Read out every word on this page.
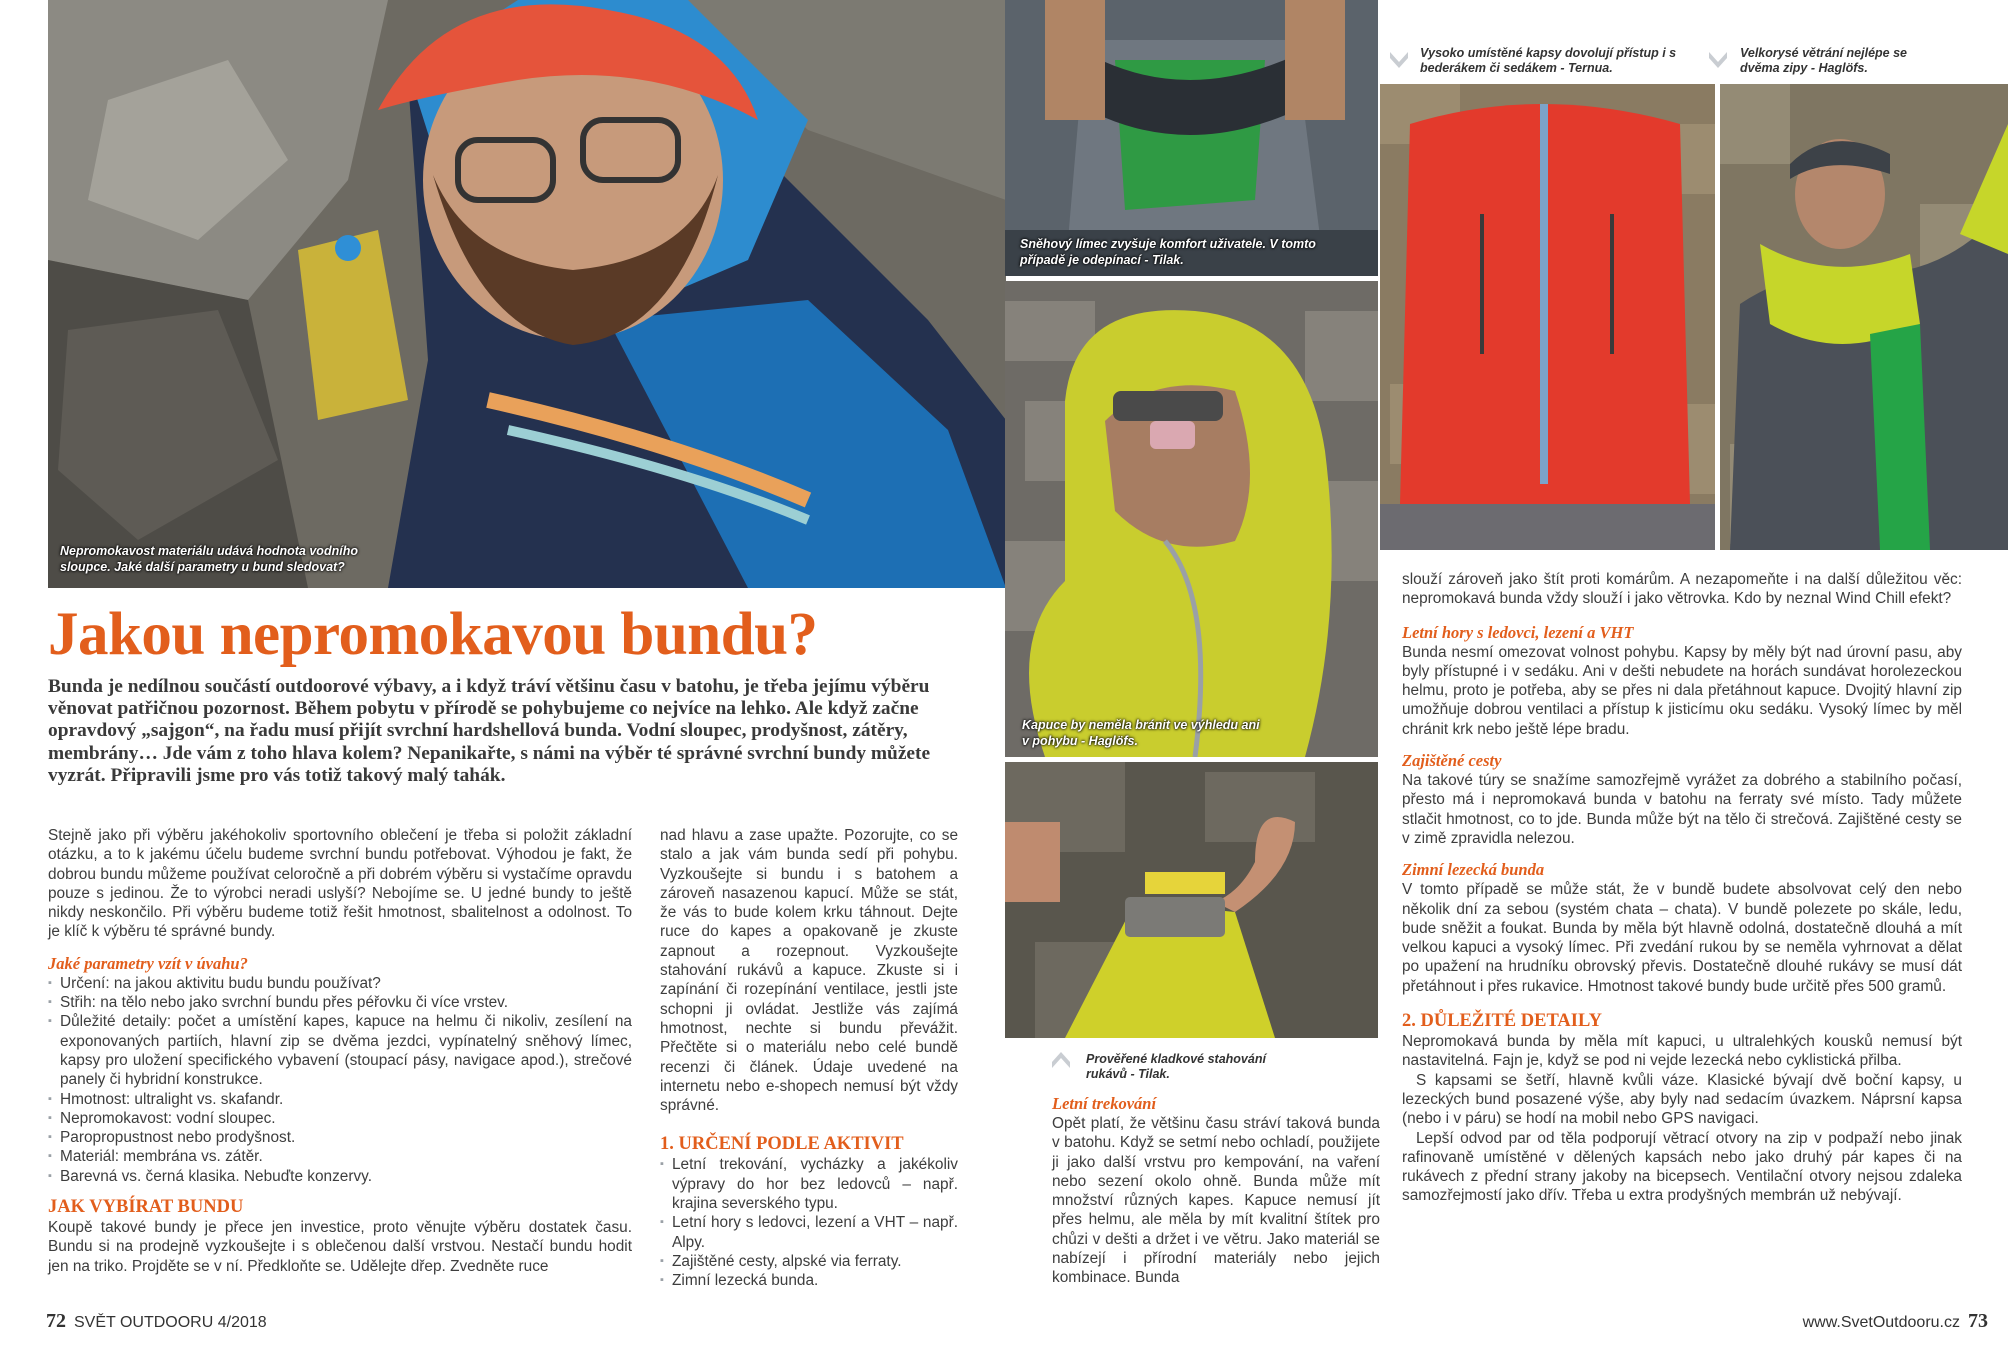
Nepromokavost materiálu udává hodnota vodního sloupce. Jaké další parametry u bund sledovat?
Sněhový límec zvyšuje komfort uživatele. V tomto případě je odepínací - Tilak.
Kapuce by neměla bránit ve výhledu ani v pohybu - Haglöfs.
Prověřené kladkové stahování rukávů - Tilak.
Vysoko umístěné kapsy dovolují přístup i s bederákem či sedákem - Ternua.
Velkorysé větrání nejlépe se dvěma zipy - Haglöfs.
Jakou nepromokavou bundu?
Bunda je nedílnou součástí outdoorové výbavy, a i když tráví většinu času v batohu, je třeba jejímu výběru věnovat patřičnou pozornost. Během pobytu v přírodě se pohybujeme co nejvíce na lehko. Ale když začne opravdový „sajgon“, na řadu musí přijít svrchní hardshellová bunda. Vodní sloupec, prodyšnost, zátěry, membrány… Jde vám z toho hlava kolem? Nepanikařte, s námi na výběr té správné svrchní bundy můžete vyzrát. Připravili jsme pro vás totiž takový malý tahák.

Stejně jako při výběru jakéhokoliv sportovního oblečení je třeba si položit základní otázku, a to k jakému účelu budeme svrchní bundu potřebovat. Výhodou je fakt, že dobrou bundu můžeme používat celoročně a při dobrém výběru si vystačíme opravdu pouze s jedinou. Že to výrobci neradi uslyší? Nebojíme se. U jedné bundy to ještě nikdy neskončilo. Při výběru budeme totiž řešit hmotnost, sbalitelnost a odolnost. To je klíč k výběru té správné bundy.

Jaké parametry vzít v úvahu?

▪ Určení: na jakou aktivitu budu bundu používat?
▪ Střih: na tělo nebo jako svrchní bundu přes péřovku či více vrstev.
▪ Důležité detaily: počet a umístění kapes, kapuce na helmu či nikoliv, zesílení na exponovaných partiích, hlavní zip se dvěma jezdci, vypínatelný sněhový límec, kapsy pro uložení specifického vybavení (stoupací pásy, navigace apod.), strečové panely či hybridní konstrukce.
▪ Hmotnost: ultralight vs. skafandr.
▪ Nepromokavost: vodní sloupec.
▪ Paropropustnost nebo prodyšnost.
▪ Materiál: membrána vs. zátěr.
▪ Barevná vs. černá klasika. Nebuďte konzervy.

JAK VYBÍRAT BUNDU

Koupě takové bundy je přece jen investice, proto věnujte výběru dostatek času. Bundu si na prodejně vyzkoušejte i s oblečenou další vrstvou. Nestačí bundu hodit jen na triko. Projděte se v ní. Předkloňte se. Udělejte dřep. Zvedněte ruce

nad hlavu a zase upažte. Pozorujte, co se stalo a jak vám bunda sedí při pohybu. Vyzkoušejte si bundu i s batohem a zároveň nasazenou kapucí. Může se stát, že vás to bude kolem krku táhnout. Dejte ruce do kapes a opakovaně je zkuste zapnout a rozepnout. Vyzkoušejte stahování rukávů a kapuce. Zkuste si i zapínání či rozepínání ventilace, jestli jste schopni ji ovládat. Jestliže vás zajímá hmotnost, nechte si bundu převážit. Přečtěte si o materiálu nebo celé bundě recenzi či článek. Údaje uvedené na internetu nebo e-shopech nemusí být vždy správné.

1. URČENÍ PODLE AKTIVIT

▪ Letní trekování, vycházky a jakékoliv výpravy do hor bez ledovců – např. krajina severského typu.
▪ Letní hory s ledovci, lezení a VHT – např. Alpy.
▪ Zajištěné cesty, alpské via ferraty.
▪ Zimní lezecká bunda.

Letní trekování

Opět platí, že většinu času stráví taková bunda v batohu. Když se setmí nebo ochladí, použijete ji jako další vrstvu pro kempování, na vaření nebo sezení okolo ohně. Bunda může mít množství různých kapes. Kapuce nemusí jít přes helmu, ale měla by mít kvalitní štítek pro chůzi v dešti a držet i ve větru. Jako materiál se nabízejí i přírodní materiály nebo jejich kombinace. Bunda

slouží zároveň jako štít proti komárům. A nezapomeňte i na další důležitou věc: nepromokavá bunda vždy slouží i jako větrovka. Kdo by neznal Wind Chill efekt?

Letní hory s ledovci, lezení a VHT

Bunda nesmí omezovat volnost pohybu. Kapsy by měly být nad úrovní pasu, aby byly přístupné i v sedáku. Ani v dešti nebudete na horách sundávat horolezeckou helmu, proto je potřeba, aby se přes ni dala přetáhnout kapuce. Dvojitý hlavní zip umožňuje dobrou ventilaci a přístup k jisticímu oku sedáku. Vysoký límec by měl chránit krk nebo ještě lépe bradu.

Zajištěné cesty

Na takové túry se snažíme samozřejmě vyrážet za dobrého a stabilního počasí, přesto má i nepromokavá bunda v batohu na ferraty své místo. Tady můžete stlačit hmotnost, co to jde. Bunda může být na tělo či strečová. Zajištěné cesty se v zimě zpravidla nelezou.

Zimní lezecká bunda

V tomto případě se může stát, že v bundě budete absolvovat celý den nebo několik dní za sebou (systém chata – chata). V bundě polezete po skále, ledu, bude sněžit a foukat. Bunda by měla být hlavně odolná, dostatečně dlouhá a mít velkou kapuci a vysoký límec. Při zvedání rukou by se neměla vyhrnovat a dělat po upažení na hrudníku obrovský převis. Dostatečně dlouhé rukávy se musí dát přetáhnout i přes rukavice. Hmotnost takové bundy bude určitě přes 500 gramů.

2. DŮLEŽITÉ DETAILY

Nepromokavá bunda by měla mít kapuci, u ultralehkých kousků nemusí být nastavitelná. Fajn je, když se pod ni vejde lezecká nebo cyklistická přilba.

S kapsami se šetří, hlavně kvůli váze. Klasické bývají dvě boční kapsy, u lezeckých bund posazené výše, aby byly nad sedacím úvazkem. Náprsní kapsa (nebo i v páru) se hodí na mobil nebo GPS navigaci.

Lepší odvod par od těla podporují větrací otvory na zip v podpaží nebo jinak rafinovaně umístěné v dělených kapsách nebo jako druhý pár kapes či na rukávech z přední strany jakoby na bicepsech. Ventilační otvory nejsou zdaleka samozřejmostí jako dřív. Třeba u extra prodyšných membrán už nebývají.

72 SVĚT OUTDOORU 4/2018	www.SvetOutdooru.cz 73
